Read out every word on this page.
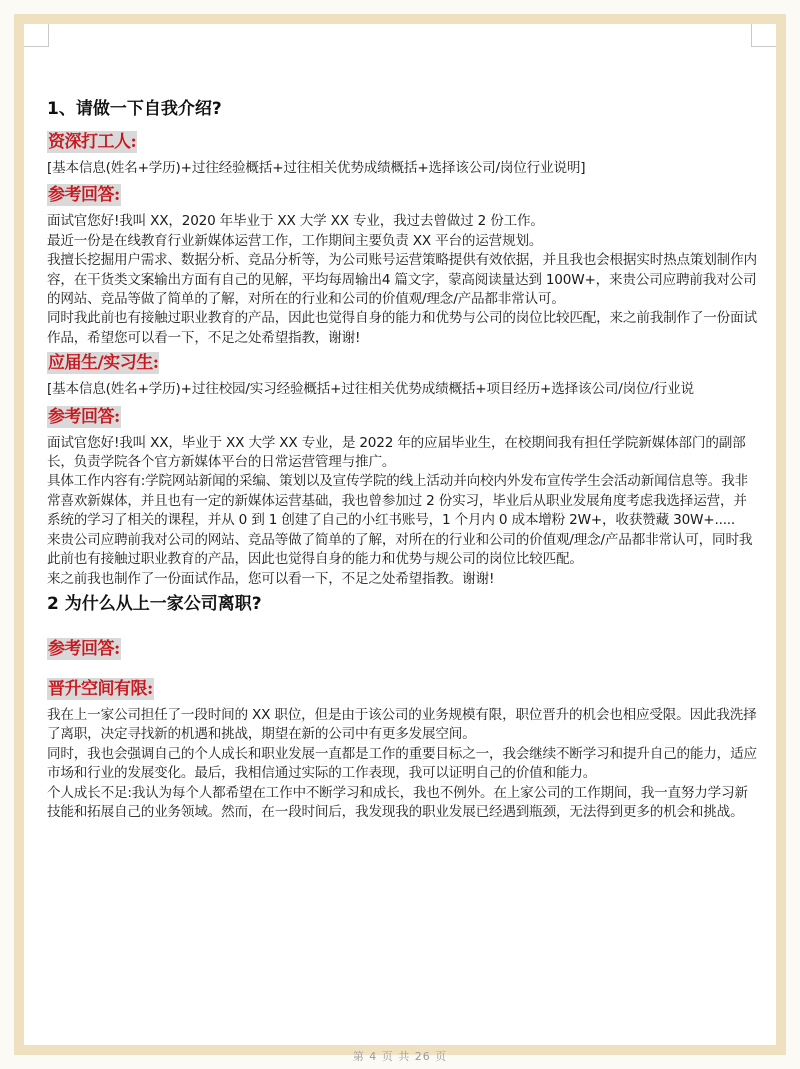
1、请做一下自我介绍?
资深打工人:

[基本信息(姓名+学历)+过往经验概括+过往相关优势成绩概括+选择该公司/岗位行业说明]

参考回答:

面试官您好!我叫 XX，2020 年毕业于 XX 大学 XX 专业，我过去曾做过 2 份工作。

最近一份是在线教育行业新媒体运营工作，工作期间主要负责 XX 平台的运营规划。

我擅长挖掘用户需求、数据分析、竞品分析等，为公司账号运营策略提供有效依据，并且我也会根据实时热点策划制作内容，在干货类文案输出方面有自己的见解，平均每周输出4 篇文字，蒙高阅读量达到 100W+，来贵公司应聘前我对公司的网站、竞品等做了简单的了解，对所在的行业和公司的价值观/理念/产品都非常认可。

同时我此前也有接触过职业教育的产品，因此也觉得自身的能力和优势与公司的岗位比较匹配，来之前我制作了一份面试作品，希望您可以看一下，不足之处希望指教，谢谢!

应届生/实习生:

[基本信息(姓名+学历)+过往校园/实习经验概括+过往相关优势成绩概括+项目经历+选择该公司/岗位/行业说

参考回答:

面试官您好!我叫 XX，毕业于 XX 大学 XX 专业，是 2022 年的应届毕业生，在校期间我有担任学院新媒体部门的副部长，负责学院各个官方新媒体平台的日常运营管理与推广。

具体工作内容有:学院网站新闻的采编、策划以及宣传学院的线上活动并向校内外发布宣传学生会活动新闻信息等。我非常喜欢新媒体，并且也有一定的新媒体运营基础，我也曾参加过 2 份实习，毕业后从职业发展角度考虑我选择运营，并系统的学习了相关的课程，并从 0 到 1 创建了自己的小红书账号，1 个月内 0 成本增粉 2W+，收获赞藏 30W+.....

来贵公司应聘前我对公司的网站、竞品等做了简单的了解，对所在的行业和公司的价值观/理念/产品都非常认可，同时我此前也有接触过职业教育的产品，因此也觉得自身的能力和优势与规公司的岗位比较匹配。

来之前我也制作了一份面试作品，您可以看一下，不足之处希望指教。谢谢!

2 为什么从上一家公司离职?
参考回答:
晋升空间有限:

我在上一家公司担任了一段时间的 XX 职位，但是由于该公司的业务规模有限，职位晋升的机会也相应受限。因此我洗择了离职，决定寻找新的机遇和挑战，期望在新的公司中有更多发展空间。

同时，我也会强调自己的个人成长和职业发展一直都是工作的重要目标之一，我会继续不断学习和提升自己的能力，适应市场和行业的发展变化。最后，我相信通过实际的工作表现，我可以证明自己的价值和能力。

个人成长不足:我认为每个人都希望在工作中不断学习和成长，我也不例外。在上家公司的工作期间，我一直努力学习新技能和拓展自己的业务领域。然而，在一段时间后，我发现我的职业发展已经遇到瓶颈，无法得到更多的机会和挑战。

第 4 页 共 26 页
